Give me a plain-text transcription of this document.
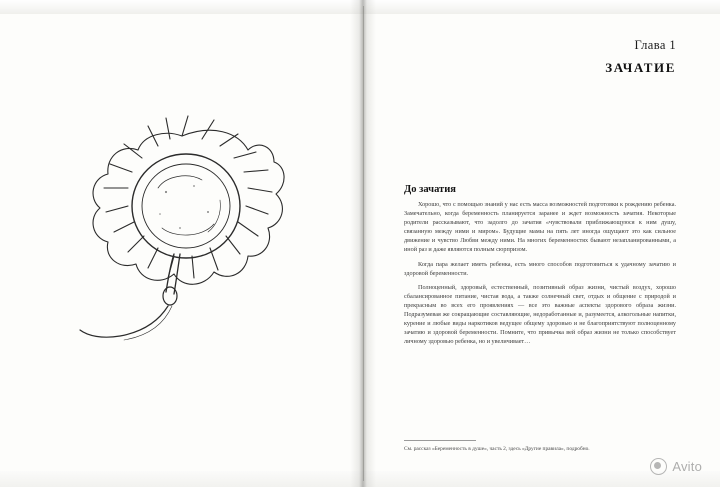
Глава 1
ЗАЧАТИЕ
До зачатия

Хорошо, что с помощью знаний у нас есть масса возможностей подготовки к рождению ребенка. Замечательно, когда беременность планируется заранее и ждет возможность зачатия. Некоторые родители рассказывают, что задолго до зачатия «чувствовали приближающуюся к ним душу, связанную между ними и миром». Будущие мамы на пять лет иногда ощущают это как сильное движение и чувство Любви между ними. На многих беременностях бывают незапланированными, а иной раз и даже являются полным сюрпризом.

Когда пара желает иметь ребенка, есть много способов подготовиться к удачному зачатию и здоровой беременности.

Полноценный, здоровый, естественный, позитивный образ жизни, чистый воздух, хорошо сбалансированное питание, чистая вода, а также солнечный свет, отдых и общение с природой и прекрасным во всех его проявлениях — все это важные аспекты здорового образа жизни. Подразумевая же сокращающие составляющие, недоработанные и, разумеется, алкогольные напитки, курение и любые виды наркотиков ведущее общему здоровью и не благоприятствуют полноценному зачатию и здоровой беременности. Помните, что привычка вей образ жизни не только способствует личному здоровью ребенка, но и увеличивает…

См. рассказ «Беременность в душе», часть 2, здесь «Другие правила», подробно.
Avito
